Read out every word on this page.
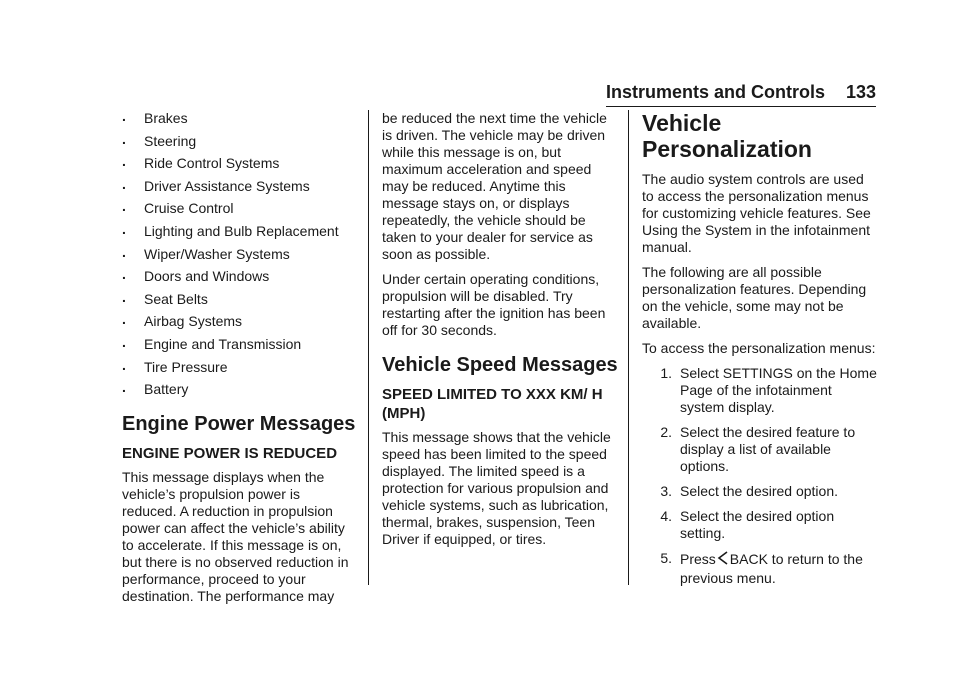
Instruments and Controls 133
. Brakes
. Steering
. Ride Control Systems
. Driver Assistance Systems
. Cruise Control
. Lighting and Bulb Replacement
. Wiper/Washer Systems
. Doors and Windows
. Seat Belts
. Airbag Systems
. Engine and Transmission
. Tire Pressure
. Battery
Engine Power Messages
ENGINE POWER IS REDUCED

This message displays when the vehicle’s propulsion power is reduced. A reduction in propulsion power can affect the vehicle’s ability to accelerate. If this message is on, but there is no observed reduction in performance, proceed to your destination. The performance may

be reduced the next time the vehicle is driven. The vehicle may be driven while this message is on, but maximum acceleration and speed may be reduced. Anytime this message stays on, or displays repeatedly, the vehicle should be taken to your dealer for service as soon as possible.

Under certain operating conditions, propulsion will be disabled. Try restarting after the ignition has been off for 30 seconds.

Vehicle Speed Messages
SPEED LIMITED TO XXX KM/ H (MPH)

This message shows that the vehicle speed has been limited to the speed displayed. The limited speed is a protection for various propulsion and vehicle systems, such as lubrication, thermal, brakes, suspension, Teen Driver if equipped, or tires.

Vehicle Personalization

The audio system controls are used to access the personalization menus for customizing vehicle features. See Using the System in the infotainment manual.

The following are all possible personalization features. Depending on the vehicle, some may not be available.

To access the personalization menus:

1. Select SETTINGS on the Home Page of the infotainment system display.
2. Select the desired feature to display a list of available options.
3. Select the desired option.
4. Select the desired option setting.
5. Press BACK to return to the previous menu.
